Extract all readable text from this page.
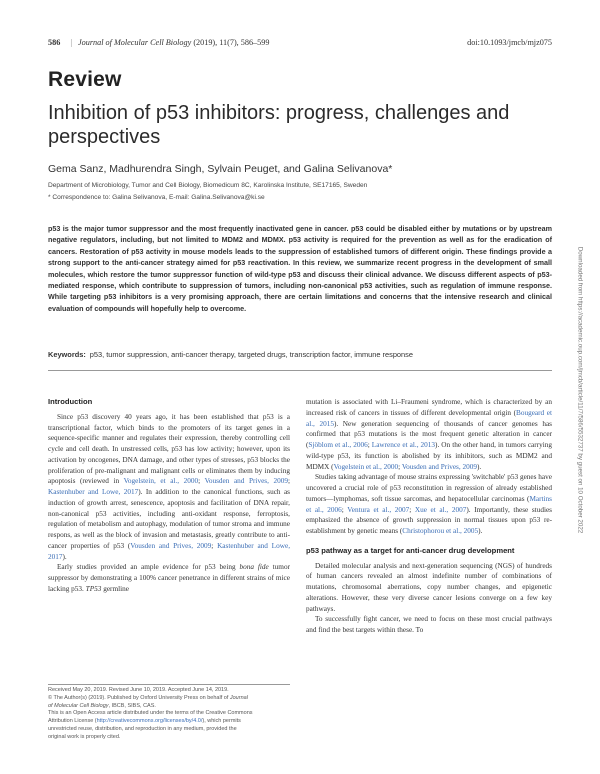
586 | Journal of Molecular Cell Biology (2019), 11(7), 586–599	doi:10.1093/jmcb/mjz075
Review
Inhibition of p53 inhibitors: progress, challenges and perspectives
Gema Sanz, Madhurendra Singh, Sylvain Peuget, and Galina Selivanova*
Department of Microbiology, Tumor and Cell Biology, Biomedicum 8C, Karolinska Institute, SE17165, Sweden
* Correspondence to: Galina Selivanova, E-mail: Galina.Selivanova@ki.se
p53 is the major tumor suppressor and the most frequently inactivated gene in cancer. p53 could be disabled either by mutations or by upstream negative regulators, including, but not limited to MDM2 and MDMX. p53 activity is required for the prevention as well as for the eradication of cancers. Restoration of p53 activity in mouse models leads to the suppression of established tumors of different origin. These findings provide a strong support to the anti-cancer strategy aimed for p53 reactivation. In this review, we summarize recent progress in the development of small molecules, which restore the tumor suppressor function of wild-type p53 and discuss their clinical advance. We discuss different aspects of p53-mediated response, which contribute to suppression of tumors, including non-canonical p53 activities, such as regulation of immune response. While targeting p53 inhibitors is a very promising approach, there are certain limitations and concerns that the intensive research and clinical evaluation of compounds will hopefully help to overcome.
Keywords: p53, tumor suppression, anti-cancer therapy, targeted drugs, transcription factor, immune response
Introduction

Since p53 discovery 40 years ago, it has been established that p53 is a transcriptional factor, which binds to the promoters of its target genes in a sequence-specific manner and regulates their expression, thereby controlling cell cycle and cell death. In unstressed cells, p53 has low activity; however, upon its activation by oncogenes, DNA damage, and other types of stresses, p53 blocks the proliferation of pre-malignant and malignant cells or eliminates them by inducing apoptosis (reviewed in Vogelstein, et al., 2000; Vousden and Prives, 2009; Kastenhuber and Lowe, 2017). In addition to the canonical functions, such as induction of growth arrest, senescence, apoptosis and facilitation of DNA repair, non-canonical p53 activities, including anti-oxidant response, ferroptosis, regulation of metabolism and autophagy, modulation of tumor stroma and immune respons, as well as the block of invasion and metastasis, greatly contribute to anti-cancer properties of p53 (Vousden and Prives, 2009; Kastenhuber and Lowe, 2017).

Early studies provided an ample evidence for p53 being bona fide tumor suppressor by demonstrating a 100% cancer penetrance in different strains of mice lacking p53. TP53 germline

mutation is associated with Li–Fraumeni syndrome, which is characterized by an increased risk of cancers in tissues of different developmental origin (Bougeard et al., 2015). New generation sequencing of thousands of cancer genomes has confirmed that p53 mutations is the most frequent genetic alteration in cancer (Sjöblom et al., 2006; Lawrence et al., 2013). On the other hand, in tumors carrying wild-type p53, its function is abolished by its inhibitors, such as MDM2 and MDMX (Vogelstein et al., 2000; Vousden and Prives, 2009).

Studies taking advantage of mouse strains expressing 'switchable' p53 genes have uncovered a crucial role of p53 reconstitution in regression of already established tumors—lymphomas, soft tissue sarcomas, and hepatocellular carcinomas (Martins et al., 2006; Ventura et al., 2007; Xue et al., 2007). Importantly, these studies emphasized the absence of growth suppression in normal tissues upon p53 re-establishment by genetic means (Christophorou et al., 2005).

p53 pathway as a target for anti-cancer drug development

Detailed molecular analysis and next-generation sequencing (NGS) of hundreds of human cancers revealed an almost indefinite number of combinations of mutations, chromosomal aberrations, copy number changes, and epigenetic alterations. However, these very diverse cancer lesions converge on a few key pathways.

To successfully fight cancer, we need to focus on these most crucial pathways and find the best targets within these. To

Received May 20, 2019. Revised June 10, 2019. Accepted June 14, 2019.
© The Author(s) (2019). Published by Oxford University Press on behalf of Journal
of Molecular Cell Biology, IBCB, SIBS, CAS.
This is an Open Access article distributed under the terms of the Creative Commons
Attribution License (http://creativecommons.org/licenses/by/4.0/), which permits
unrestricted reuse, distribution, and reproduction in any medium, provided the
original work is properly cited.
Downloaded from https://academic.oup.com/jmcb/article/11/7/586/5532737 by guest on 10 October 2022
